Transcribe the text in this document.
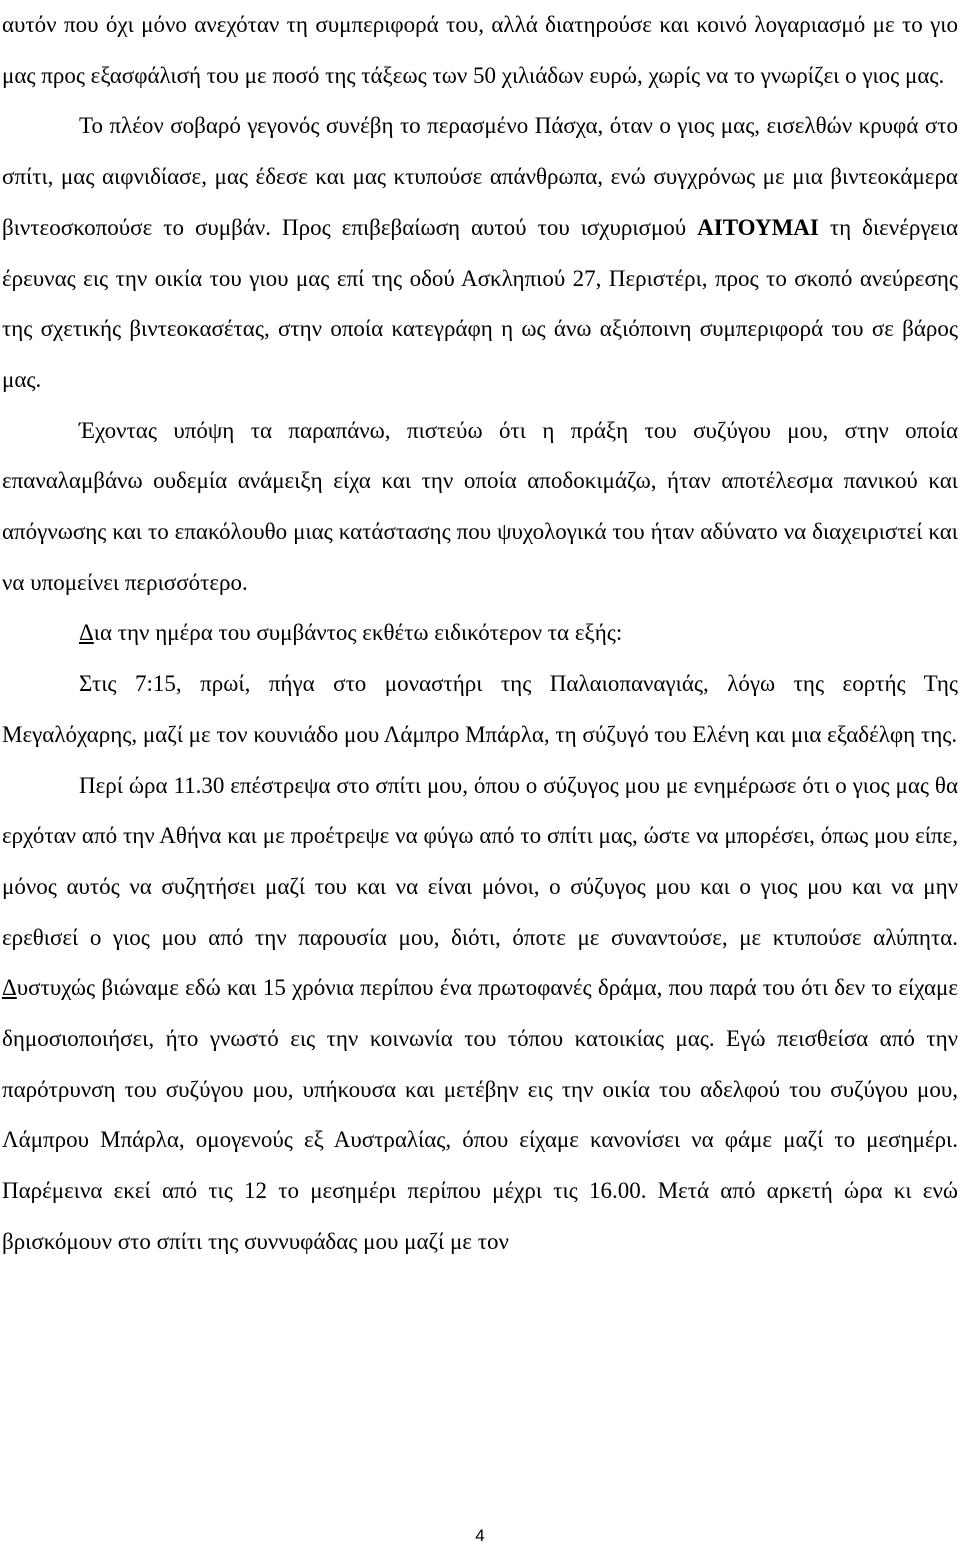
αυτόν που όχι μόνο ανεχόταν τη συμπεριφορά του, αλλά διατηρούσε και κοινό λογαριασμό με το γιο μας προς εξασφάλισή του με ποσό της τάξεως των 50 χιλιάδων ευρώ, χωρίς να το γνωρίζει ο γιος μας.

Το πλέον σοβαρό γεγονός συνέβη το περασμένο Πάσχα, όταν ο γιος μας, εισελθών κρυφά στο σπίτι, μας αιφνιδίασε, μας έδεσε και μας κτυπούσε απάνθρωπα, ενώ συγχρόνως με μια βιντεοκάμερα βιντεοσκοπούσε το συμβάν. Προς επιβεβαίωση αυτού του ισχυρισμού ΑΙΤΟΥΜΑΙ τη διενέργεια έρευνας εις την οικία του γιου μας επί της οδού Ασκληπιού 27, Περιστέρι, προς το σκοπό ανεύρεσης της σχετικής βιντεοκασέτας, στην οποία κατεγράφη η ως άνω αξιόποινη συμπεριφορά του σε βάρος μας.

Έχοντας υπόψη τα παραπάνω, πιστεύω ότι η πράξη του συζύγου μου, στην οποία επαναλαμβάνω ουδεμία ανάμειξη είχα και την οποία αποδοκιμάζω, ήταν αποτέλεσμα πανικού και απόγνωσης και το επακόλουθο μιας κατάστασης που ψυχολογικά του ήταν αδύνατο να διαχειριστεί και να υπομείνει περισσότερο.

Δια την ημέρα του συμβάντος εκθέτω ειδικότερον τα εξής:

Στις 7:15, πρωί, πήγα στο μοναστήρι της Παλαιοπαναγιάς, λόγω της εορτής Της Μεγαλόχαρης, μαζί με τον κουνιάδο μου Λάμπρο Μπάρλα, τη σύζυγό του Ελένη και μια εξαδέλφη της.

Περί ώρα 11.30 επέστρεψα στο σπίτι μου, όπου ο σύζυγος μου με ενημέρωσε ότι ο γιος μας θα ερχόταν από την Αθήνα και με προέτρεψε να φύγω από το σπίτι μας, ώστε να μπορέσει, όπως μου είπε, μόνος αυτός να συζητήσει μαζί του και να είναι μόνοι, ο σύζυγος μου και ο γιος μου και να μην ερεθισεί ο γιος μου από την παρουσία μου, διότι, όποτε με συναντούσε, με κτυπούσε αλύπητα. Δυστυχώς βιώναμε εδώ και 15 χρόνια περίπου ένα πρωτοφανές δράμα, που παρά του ότι δεν το είχαμε δημοσιοποιήσει, ήτο γνωστό εις την κοινωνία του τόπου κατοικίας μας. Εγώ πεισθείσα από την παρότρυνση του συζύγου μου, υπήκουσα και μετέβην εις την οικία του αδελφού του συζύγου μου, Λάμπρου Μπάρλα, ομογενούς εξ Αυστραλίας, όπου είχαμε κανονίσει να φάμε μαζί το μεσημέρι. Παρέμεινα εκεί από τις 12 το μεσημέρι περίπου μέχρι τις 16.00. Μετά από αρκετή ώρα κι ενώ βρισκόμουν στο σπίτι της συννυφάδας μου μαζί με τον

4
